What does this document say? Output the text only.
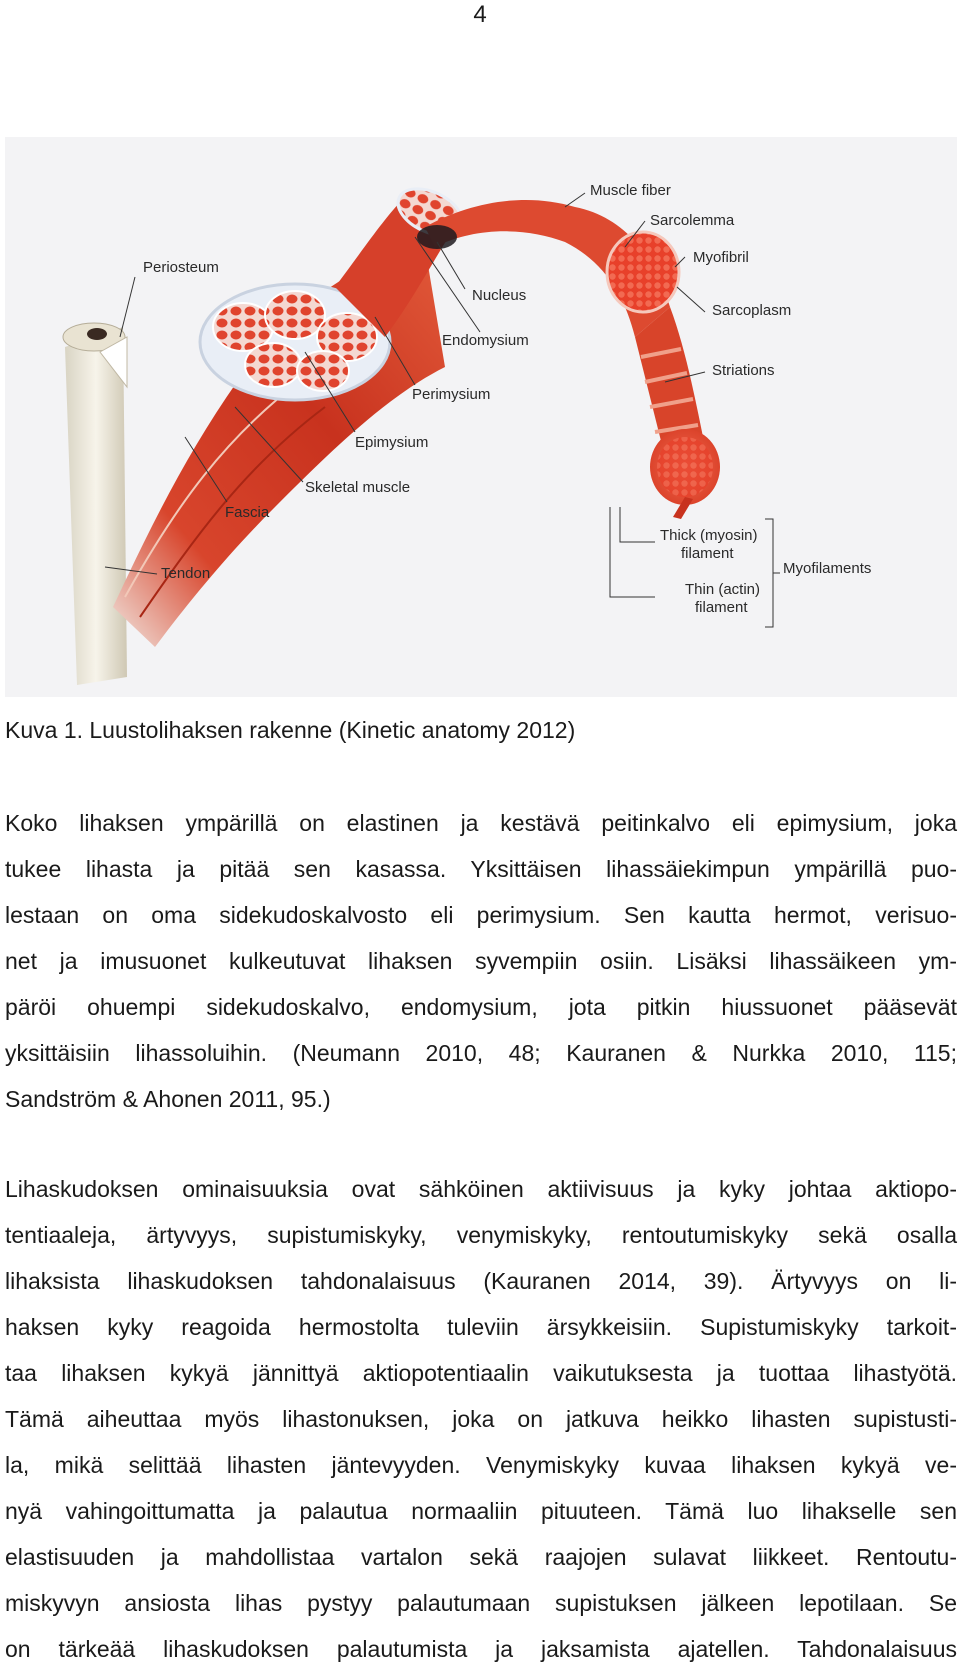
4
Muscle fiber
Sarcolemma
Myofibril
Periosteum
Nucleus
Sarcoplasm
Endomysium
Striations
Perimysium
Epimysium
Skeletal muscle
Fascia
Tendon
Thick (myosin)
filament
Thin (actin)
filament
Myofilaments
Kuva 1. Luustolihaksen rakenne (Kinetic anatomy 2012)
Koko lihaksen ympärillä on elastinen ja kestävä peitinkalvo eli epimysium, joka
tukee lihasta ja pitää sen kasassa. Yksittäisen lihassäiekimpun ympärillä puo-
lestaan on oma sidekudoskalvosto eli perimysium. Sen kautta hermot, verisuo-
net ja imusuonet kulkeutuvat lihaksen syvempiin osiin. Lisäksi lihassäikeen ym-
päröi ohuempi sidekudoskalvo, endomysium, jota pitkin hiussuonet pääsevät
yksittäisiin lihassoluihin. (Neumann 2010, 48; Kauranen & Nurkka 2010, 115;
Sandström & Ahonen 2011, 95.)
Lihaskudoksen ominaisuuksia ovat sähköinen aktiivisuus ja kyky johtaa aktiopo-
tentiaaleja, ärtyvyys, supistumiskyky, venymiskyky, rentoutumiskyky sekä osalla
lihaksista lihaskudoksen tahdonalaisuus (Kauranen 2014, 39). Ärtyvyys on li-
haksen kyky reagoida hermostolta tuleviin ärsykkeisiin. Supistumiskyky tarkoit-
taa lihaksen kykyä jännittyä aktiopotentiaalin vaikutuksesta ja tuottaa lihastyötä.
Tämä aiheuttaa myös lihastonuksen, joka on jatkuva heikko lihasten supistusti-
la, mikä selittää lihasten jäntevyyden. Venymiskyky kuvaa lihaksen kykyä ve-
nyä vahingoittumatta ja palautua normaaliin pituuteen. Tämä luo lihakselle sen
elastisuuden ja mahdollistaa vartalon sekä raajojen sulavat liikkeet. Rentoutu-
miskyvyn ansiosta lihas pystyy palautumaan supistuksen jälkeen lepotilaan. Se
on tärkeää lihaskudoksen palautumista ja jaksamista ajatellen. Tahdonalaisuus
